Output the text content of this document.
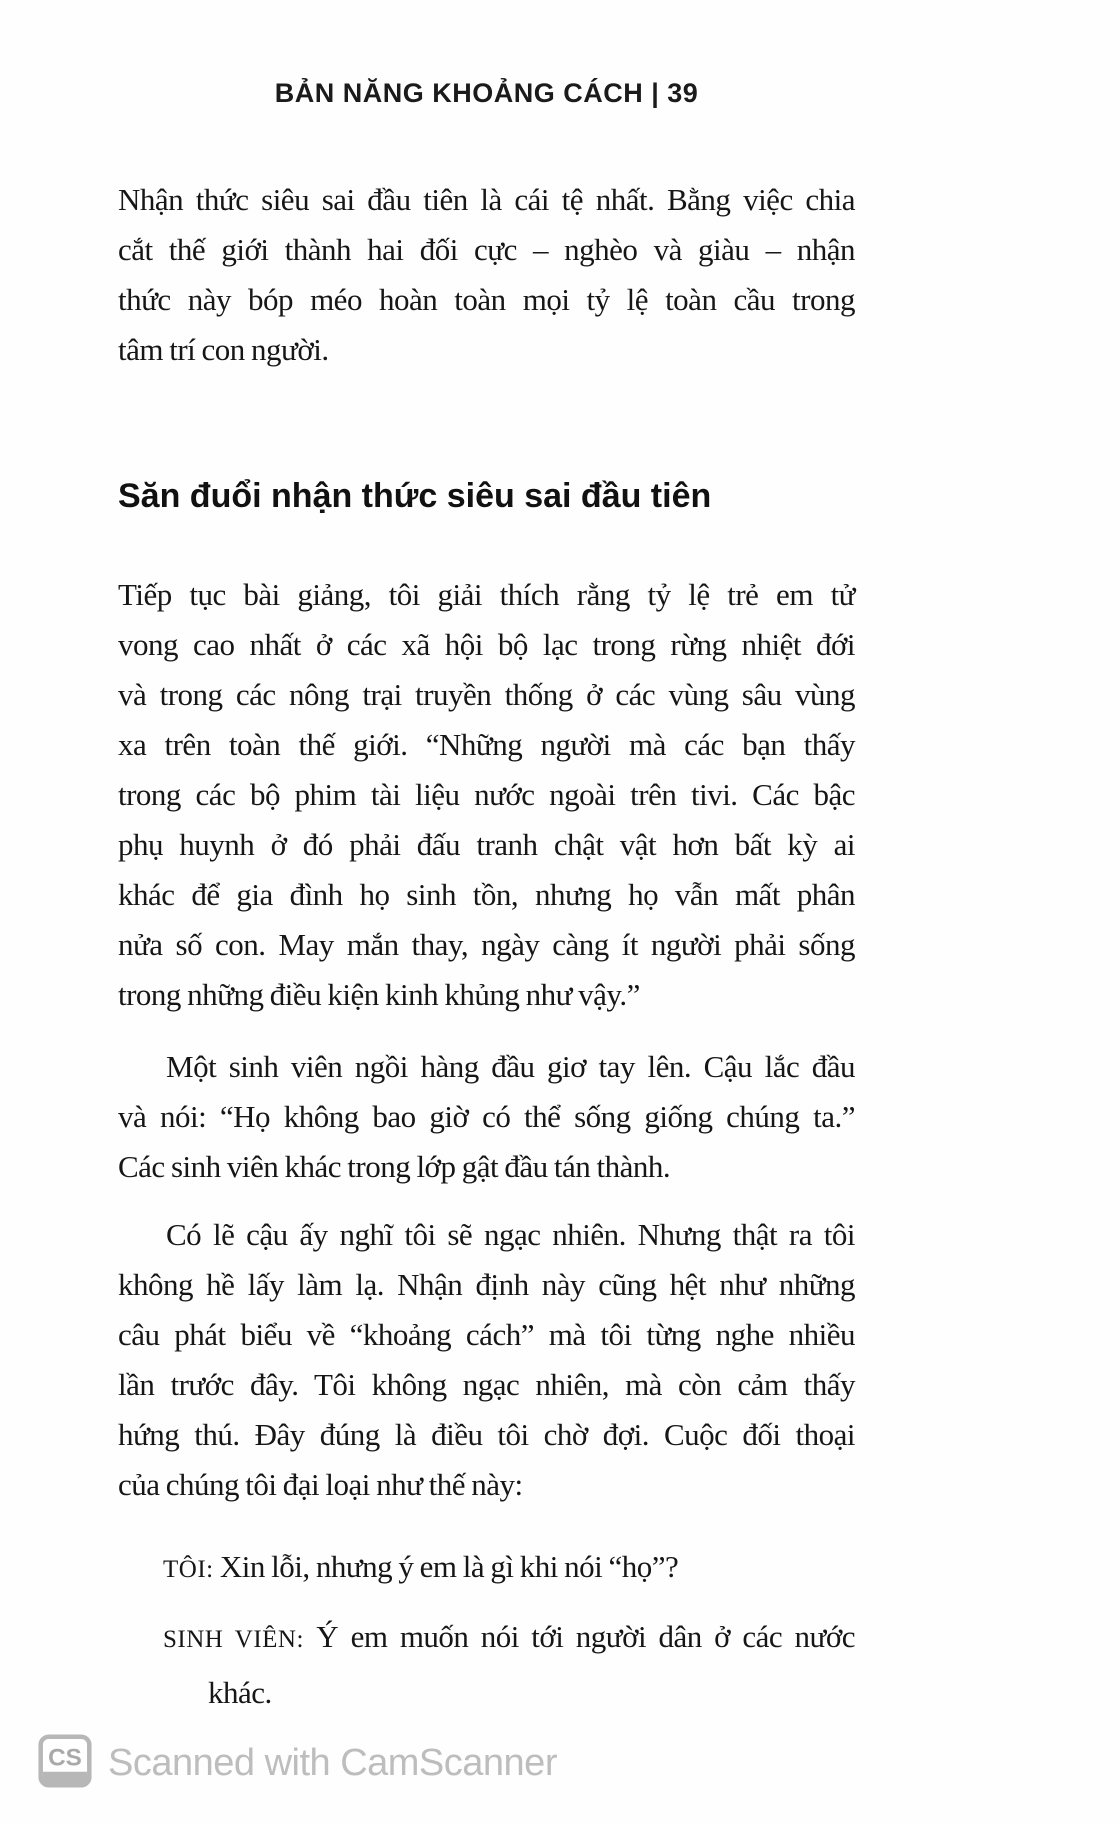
BẢN NĂNG KHOẢNG CÁCH | 39
Nhận thức siêu sai đầu tiên là cái tệ nhất. Bằng việc chia
cắt thế giới thành hai đối cực – nghèo và giàu – nhận
thức này bóp méo hoàn toàn mọi tỷ lệ toàn cầu trong
tâm trí con người.
Săn đuổi nhận thức siêu sai đầu tiên
Tiếp tục bài giảng, tôi giải thích rằng tỷ lệ trẻ em tử
vong cao nhất ở các xã hội bộ lạc trong rừng nhiệt đới
và trong các nông trại truyền thống ở các vùng sâu vùng
xa trên toàn thế giới. “Những người mà các bạn thấy
trong các bộ phim tài liệu nước ngoài trên tivi. Các bậc
phụ huynh ở đó phải đấu tranh chật vật hơn bất kỳ ai
khác để gia đình họ sinh tồn, nhưng họ vẫn mất phân
nửa số con. May mắn thay, ngày càng ít người phải sống
trong những điều kiện kinh khủng như vậy.”
Một sinh viên ngồi hàng đầu giơ tay lên. Cậu lắc đầu
và nói: “Họ không bao giờ có thể sống giống chúng ta.”
Các sinh viên khác trong lớp gật đầu tán thành.
Có lẽ cậu ấy nghĩ tôi sẽ ngạc nhiên. Nhưng thật ra tôi
không hề lấy làm lạ. Nhận định này cũng hệt như những
câu phát biểu về “khoảng cách” mà tôi từng nghe nhiều
lần trước đây. Tôi không ngạc nhiên, mà còn cảm thấy
hứng thú. Đây đúng là điều tôi chờ đợi. Cuộc đối thoại
của chúng tôi đại loại như thế này:
TÔI: Xin lỗi, nhưng ý em là gì khi nói “họ”?
SINH VIÊN: Ý em muốn nói tới người dân ở các nước
khác.
CS Scanned with CamScanner
